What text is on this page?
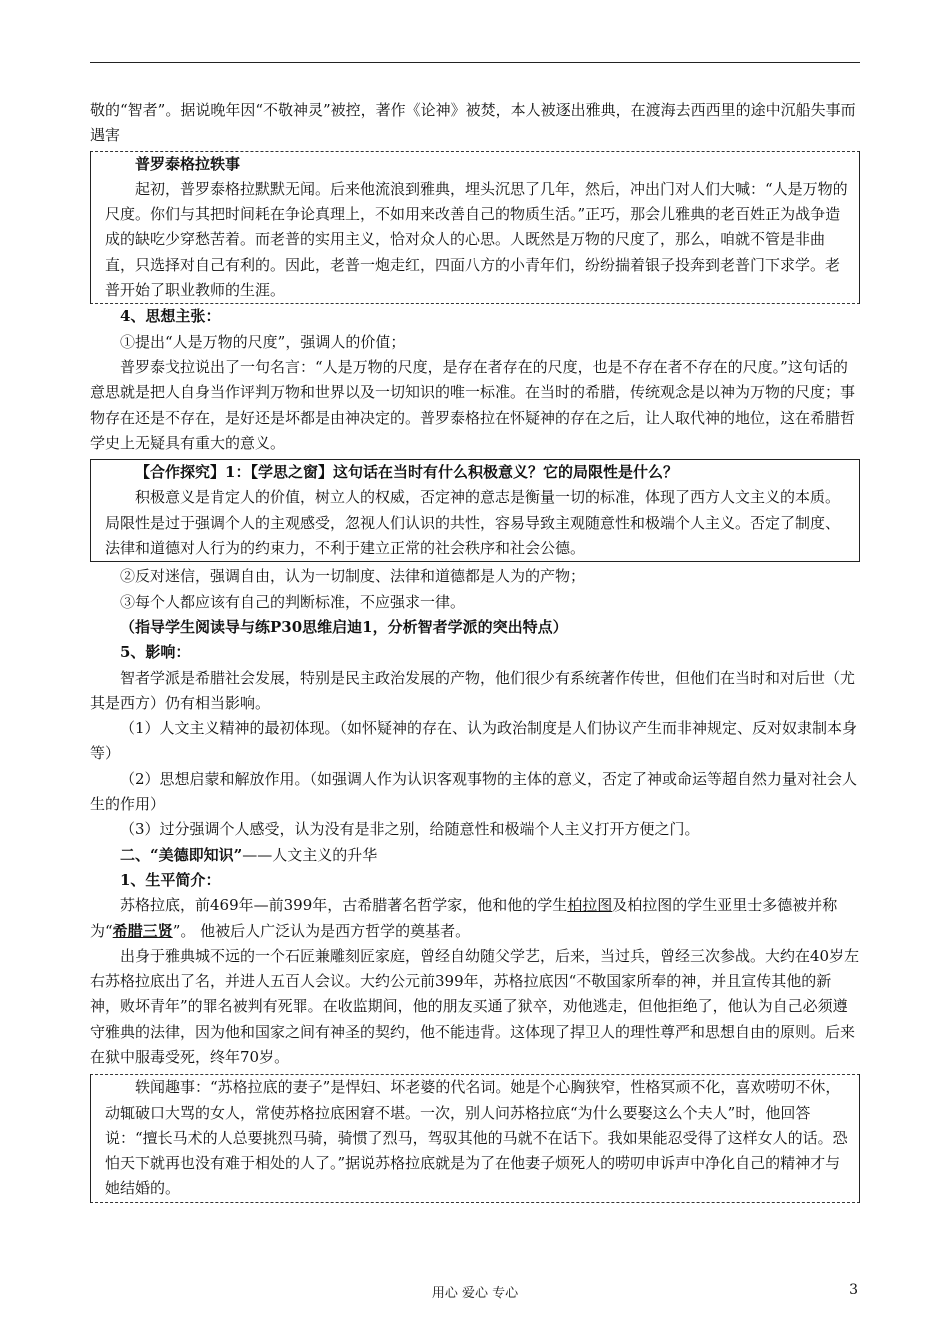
敬的“智者”。据说晚年因“不敬神灵”被控，著作《论神》被焚，本人被逐出雅典，在渡海去西西里的途中沉船失事而遇害

普罗泰格拉轶事

起初，普罗泰格拉默默无闻。后来他流浪到雅典，埋头沉思了几年，然后，冲出门对人们大喊：“人是万物的尺度。你们与其把时间耗在争论真理上，不如用来改善自己的物质生活。”正巧，那会儿雅典的老百姓正为战争造成的缺吃少穿愁苦着。而老普的实用主义，恰对众人的心思。人既然是万物的尺度了，那么，咱就不管是非曲直，只选择对自己有利的。因此，老普一炮走红，四面八方的小青年们，纷纷揣着银子投奔到老普门下求学。老普开始了职业教师的生涯。

4、思想主张：

①提出“人是万物的尺度”，强调人的价值；

普罗泰戈拉说出了一句名言：“人是万物的尺度，是存在者存在的尺度，也是不存在者不存在的尺度。”这句话的意思就是把人自身当作评判万物和世界以及一切知识的唯一标准。在当时的希腊，传统观念是以神为万物的尺度；事物存在还是不存在，是好还是坏都是由神决定的。普罗泰格拉在怀疑神的存在之后，让人取代神的地位，这在希腊哲学史上无疑具有重大的意义。

【合作探究】1：【学思之窗】这句话在当时有什么积极意义？它的局限性是什么？

积极意义是肯定人的价值，树立人的权威，否定神的意志是衡量一切的标准，体现了西方人文主义的本质。局限性是过于强调个人的主观感受，忽视人们认识的共性，容易导致主观随意性和极端个人主义。否定了制度、法律和道德对人行为的约束力，不利于建立正常的社会秩序和社会公德。

②反对迷信，强调自由，认为一切制度、法律和道德都是人为的产物；

③每个人都应该有自己的判断标准，不应强求一律。

（指导学生阅读导与练P30思维启迪1，分析智者学派的突出特点）

5、影响：

智者学派是希腊社会发展，特别是民主政治发展的产物，他们很少有系统著作传世，但他们在当时和对后世（尤其是西方）仍有相当影响。

（1）人文主义精神的最初体现。（如怀疑神的存在、认为政治制度是人们协议产生而非神规定、反对奴隶制本身等）

（2）思想启蒙和解放作用。（如强调人作为认识客观事物的主体的意义，否定了神或命运等超自然力量对社会人生的作用）

（3）过分强调个人感受，认为没有是非之别，给随意性和极端个人主义打开方便之门。

二、“美德即知识”——人文主义的升华

1、生平简介：

苏格拉底，前469年—前399年，古希腊著名哲学家，他和他的学生柏拉图及柏拉图的学生亚里士多德被并称为“希腊三贤”。 他被后人广泛认为是西方哲学的奠基者。

出身于雅典城不远的一个石匠兼雕刻匠家庭，曾经自幼随父学艺，后来，当过兵，曾经三次参战。大约在40岁左右苏格拉底出了名，并进人五百人会议。大约公元前399年，苏格拉底因“不敬国家所奉的神，并且宣传其他的新神，败坏青年”的罪名被判有死罪。在收监期间，他的朋友买通了狱卒，劝他逃走，但他拒绝了，他认为自己必须遵守雅典的法律，因为他和国家之间有神圣的契约，他不能违背。这体现了捍卫人的理性尊严和思想自由的原则。后来在狱中服毒受死，终年70岁。

轶闻趣事：“苏格拉底的妻子”是悍妇、坏老婆的代名词。她是个心胸狭窄，性格冥顽不化，喜欢唠叨不休，动辄破口大骂的女人，常使苏格拉底困窘不堪。一次，别人问苏格拉底“为什么要娶这么个夫人”时，他回答说：“擅长马术的人总要挑烈马骑，骑惯了烈马，驾驭其他的马就不在话下。我如果能忍受得了这样女人的话。恐怕天下就再也没有难于相处的人了。”据说苏格拉底就是为了在他妻子烦死人的唠叨申诉声中净化自己的精神才与她结婚的。

用心 爱心 专心	3
